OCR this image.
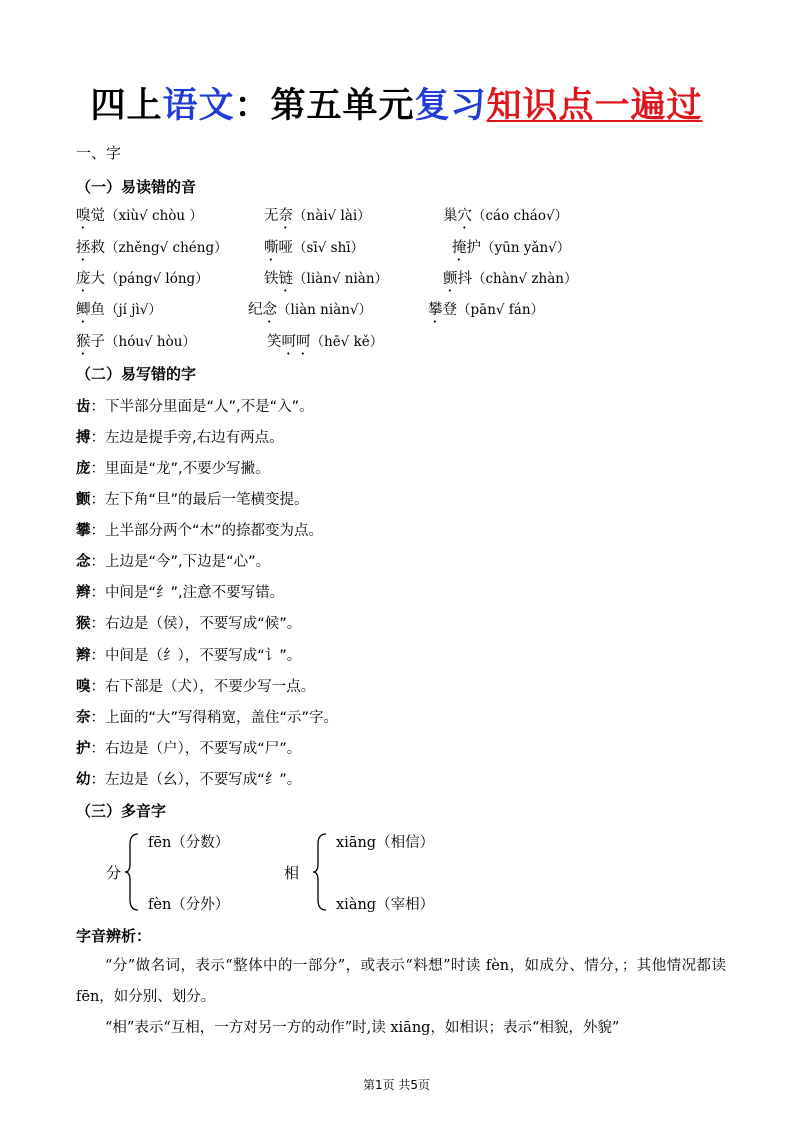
四上语文：第五单元复习知识点一遍过
一、字
（一）易读错的音
嗅觉（xiù√ chòu ）	无奈（nài√ lài）	巢穴（cáo cháo√）
拯救（zhěng√ chéng）	嘶哑（sī√ shī）	掩护（yūn yǎn√）
庞大（páng√ lóng）	铁链（liàn√ niàn）	颤抖（chàn√ zhàn）
鲫鱼（jí jì√）	纪念（liàn niàn√）	攀登（pān√ fán）
猴子（hóu√ hòu）	笑呵呵（hē√ kě）
（二）易写错的字
齿：下半部分里面是“人”,不是“入”。
搏：左边是提手旁,右边有两点。
庞：里面是“龙”,不要少写撇。
颤：左下角“旦”的最后一笔横变提。
攀：上半部分两个“木”的捺都变为点。
念：上边是“今”,下边是“心”。
辫：中间是“纟”,注意不要写错。
猴：右边是（侯），不要写成“候”。
辫：中间是（纟），不要写成“讠”。
嗅：右下部是（犬），不要少写一点。
奈：上面的“大”写得稍宽，盖住“示”字。
护：右边是（户），不要写成“尸”。
幼：左边是（幺），不要写成“纟”。
（三）多音字
分
fēn（分数）
fèn（分外）
相
xiāng（相信）
xiàng（宰相）
字音辨析：
“分”做名词，表示“整体中的一部分”，或表示“料想”时读 fèn，如成分、情分，；其他情况都读 fēn，如分别、划分。
“相”表示“互相，一方对另一方的动作”时,读 xiāng，如相识；表示“相貌，外貌”
第1页 共5页
